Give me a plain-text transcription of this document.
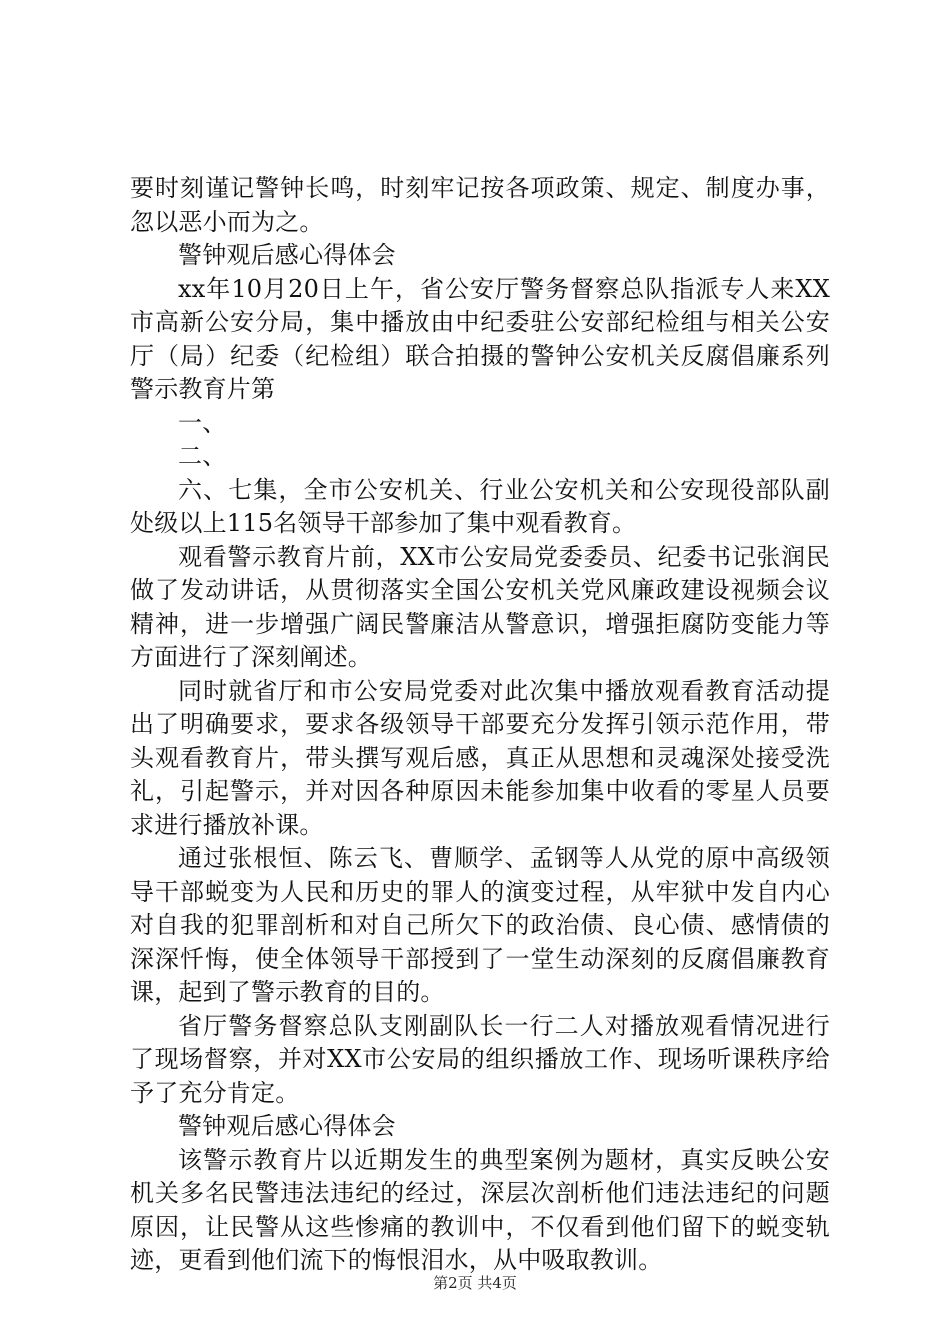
要时刻谨记警钟长鸣，时刻牢记按各项政策、规定、制度办事，忽以恶小而为之。

警钟观后感心得体会

xx年10月20日上午，省公安厅警务督察总队指派专人来XX市高新公安分局，集中播放由中纪委驻公安部纪检组与相关公安厅（局）纪委（纪检组）联合拍摄的警钟公安机关反腐倡廉系列警示教育片第

一、

二、

六、七集，全市公安机关、行业公安机关和公安现役部队副处级以上115名领导干部参加了集中观看教育。

观看警示教育片前，XX市公安局党委委员、纪委书记张润民做了发动讲话，从贯彻落实全国公安机关党风廉政建设视频会议精神，进一步增强广阔民警廉洁从警意识，增强拒腐防变能力等方面进行了深刻阐述。

同时就省厅和市公安局党委对此次集中播放观看教育活动提出了明确要求，要求各级领导干部要充分发挥引领示范作用，带头观看教育片，带头撰写观后感，真正从思想和灵魂深处接受洗礼，引起警示，并对因各种原因未能参加集中收看的零星人员要求进行播放补课。

通过张根恒、陈云飞、曹顺学、孟钢等人从党的原中高级领导干部蜕变为人民和历史的罪人的演变过程，从牢狱中发自内心对自我的犯罪剖析和对自己所欠下的政治债、良心债、感情债的深深忏悔，使全体领导干部授到了一堂生动深刻的反腐倡廉教育课，起到了警示教育的目的。

省厅警务督察总队支刚副队长一行二人对播放观看情况进行了现场督察，并对XX市公安局的组织播放工作、现场听课秩序给予了充分肯定。

警钟观后感心得体会

该警示教育片以近期发生的典型案例为题材，真实反映公安机关多名民警违法违纪的经过，深层次剖析他们违法违纪的问题原因，让民警从这些惨痛的教训中，不仅看到他们留下的蜕变轨迹，更看到他们流下的悔恨泪水，从中吸取教训。

第2页 共4页
